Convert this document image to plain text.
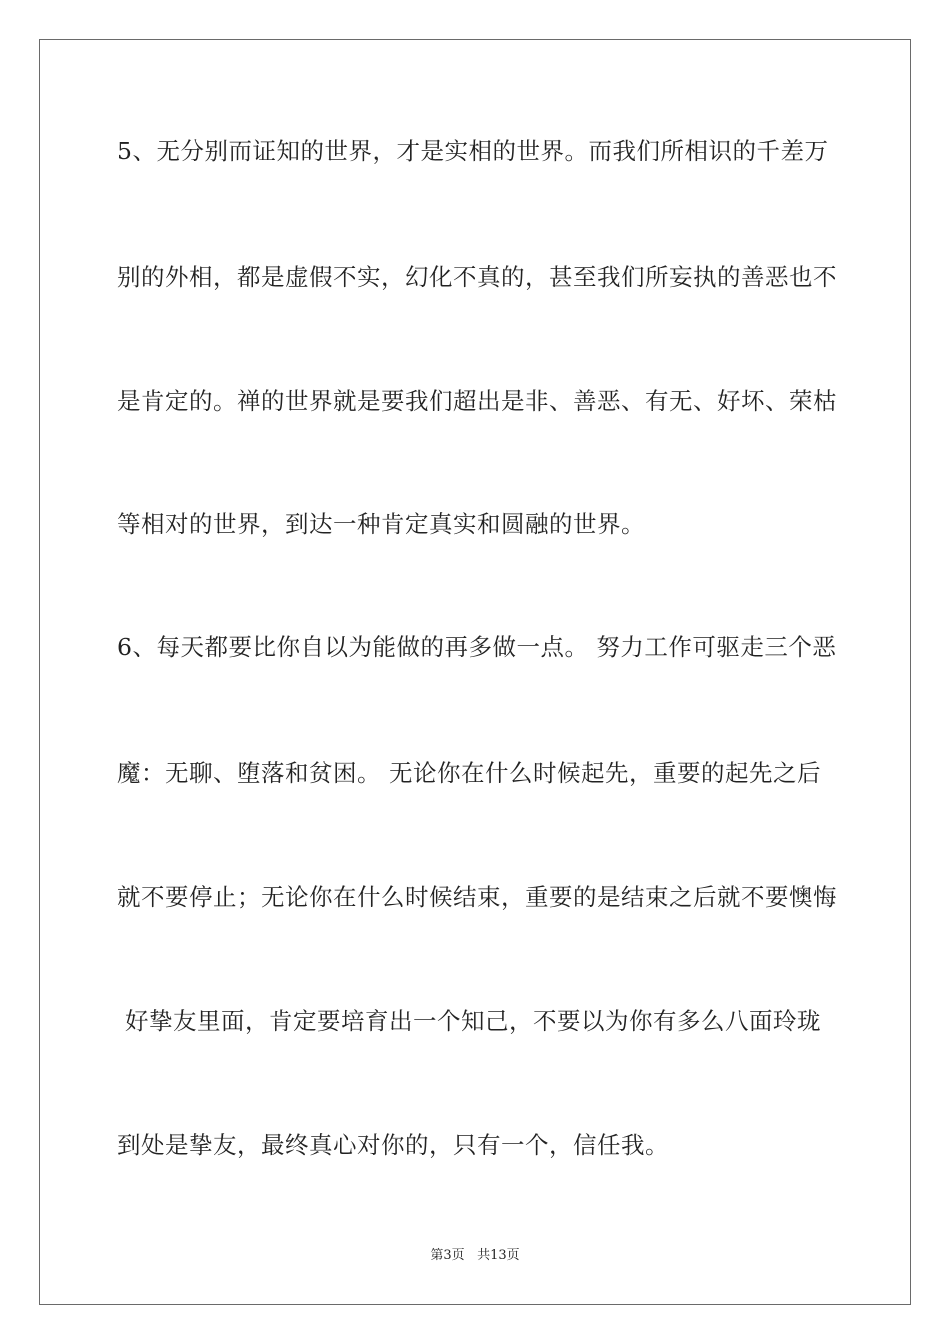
5、无分别而证知的世界，才是实相的世界。而我们所相识的千差万
别的外相，都是虚假不实，幻化不真的，甚至我们所妄执的善恶也不
是肯定的。禅的世界就是要我们超出是非、善恶、有无、好坏、荣枯
等相对的世界，到达一种肯定真实和圆融的世界。
6、每天都要比你自以为能做的再多做一点。 努力工作可驱走三个恶
魔：无聊、堕落和贫困。 无论你在什么时候起先，重要的起先之后
就不要停止；无论你在什么时候结束，重要的是结束之后就不要懊悔
好挚友里面，肯定要培育出一个知己，不要以为你有多么八面玲珑
到处是挚友，最终真心对你的，只有一个，信任我。
第3页 共13页
